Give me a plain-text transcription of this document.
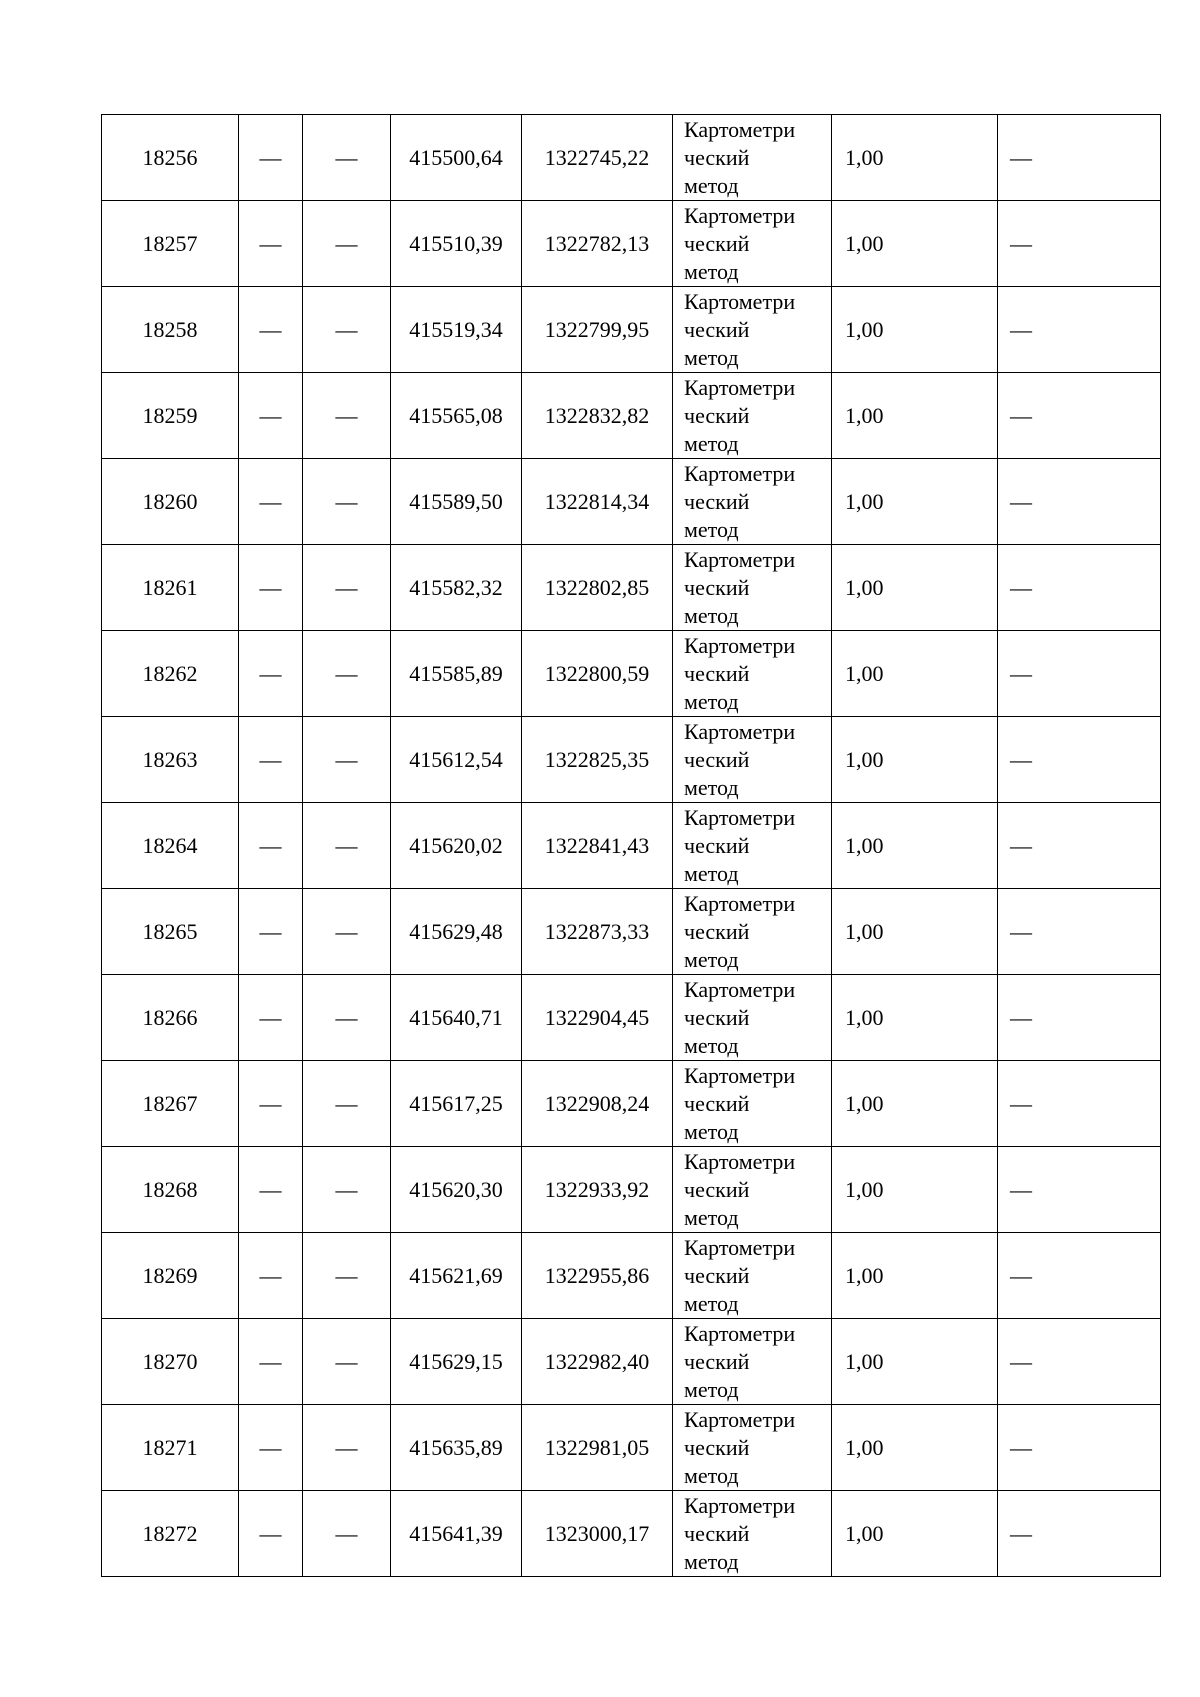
18256	—	—	415500,64	1322745,22	Картометри
ческий
метод	1,00	—
18257	—	—	415510,39	1322782,13	Картометри
ческий
метод	1,00	—
18258	—	—	415519,34	1322799,95	Картометри
ческий
метод	1,00	—
18259	—	—	415565,08	1322832,82	Картометри
ческий
метод	1,00	—
18260	—	—	415589,50	1322814,34	Картометри
ческий
метод	1,00	—
18261	—	—	415582,32	1322802,85	Картометри
ческий
метод	1,00	—
18262	—	—	415585,89	1322800,59	Картометри
ческий
метод	1,00	—
18263	—	—	415612,54	1322825,35	Картометри
ческий
метод	1,00	—
18264	—	—	415620,02	1322841,43	Картометри
ческий
метод	1,00	—
18265	—	—	415629,48	1322873,33	Картометри
ческий
метод	1,00	—
18266	—	—	415640,71	1322904,45	Картометри
ческий
метод	1,00	—
18267	—	—	415617,25	1322908,24	Картометри
ческий
метод	1,00	—
18268	—	—	415620,30	1322933,92	Картометри
ческий
метод	1,00	—
18269	—	—	415621,69	1322955,86	Картометри
ческий
метод	1,00	—
18270	—	—	415629,15	1322982,40	Картометри
ческий
метод	1,00	—
18271	—	—	415635,89	1322981,05	Картометри
ческий
метод	1,00	—
18272	—	—	415641,39	1323000,17	Картометри
ческий
метод	1,00	—
